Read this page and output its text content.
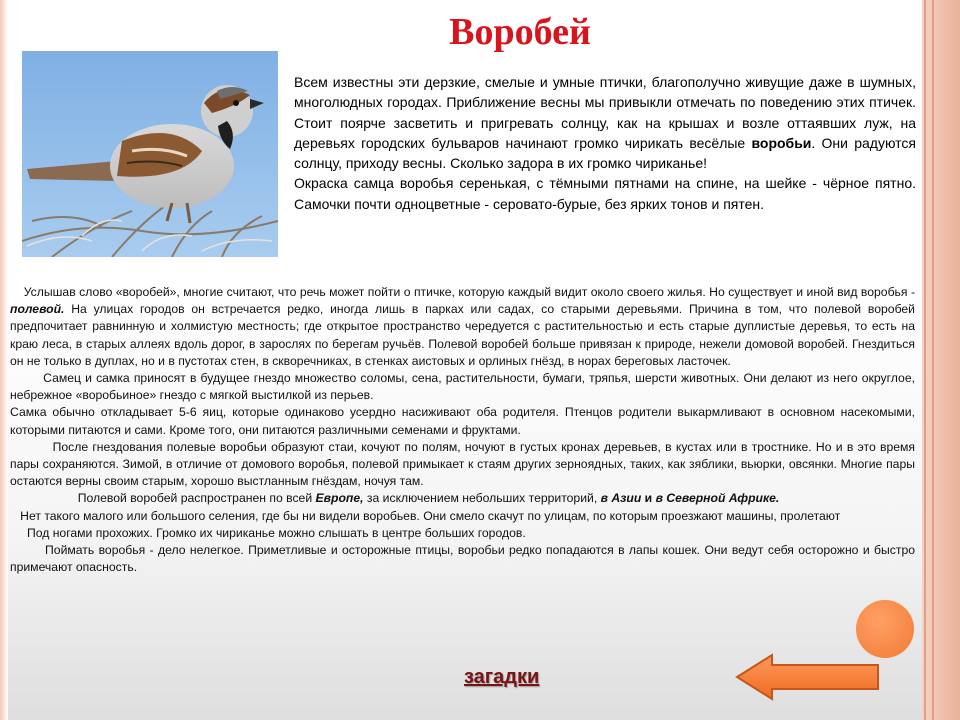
Воробей

Всем известны эти дерзкие, смелые и умные птички, благополучно живущие даже в шумных, многолюдных городах. Приближение весны мы привыкли отмечать по поведению этих птичек. Стоит поярче засветить и пригревать солнцу, как на крышах и возле оттаявших луж, на деревьях городских бульваров начинают громко чирикать весёлые воробьи. Они радуются солнцу, приходу весны. Сколько задора в их громко чириканье!

Окраска самца воробья серенькая, с тёмными пятнами на спине, на шейке - чёрное пятно. Самочки почти одноцветные - серовато-бурые, без ярких тонов и пятен.

Услышав слово «воробей», многие считают, что речь может пойти о птичке, которую каждый видит около своего жилья. Но существует и иной вид воробья - полевой. На улицах городов он встречается редко, иногда лишь в парках или садах, со старыми деревьями. Причина в том, что полевой воробей предпочитает равнинную и холмистую местность; где открытое пространство чередуется с растительностью и есть старые дуплистые деревья, то есть на краю леса, в старых аллеях вдоль дорог, в зарослях по берегам ручьёв. Полевой воробей больше привязан к природе, нежели домовой воробей. Гнездиться он не только в дуплах, но и в пустотах стен, в скворечниках, в стенках аистовых и орлиных гнёзд, в норах береговых ласточек.

Самец и самка приносят в будущее гнездо множество соломы, сена, растительности, бумаги, тряпья, шерсти животных. Они делают из него округлое, небрежное «воробьиное» гнездо с мягкой выстилкой из перьев.

Самка обычно откладывает 5-6 яиц, которые одинаково усердно насиживают оба родителя. Птенцов родители выкармливают в основном насекомыми, которыми питаются и сами. Кроме того, они питаются различными семенами и фруктами.

После гнездования полевые воробьи образуют стаи, кочуют по полям, ночуют в густых кронах деревьев, в кустах или в тростнике. Но и в это время пары сохраняются. Зимой, в отличие от домового воробья, полевой примыкает к стаям других зерноядных, таких, как зяблики, вьюрки, овсянки. Многие пары остаются верны своим старым, хорошо выстланным гнёздам, ночуя там.

Полевой воробей распространен по всей Европе, за исключением небольших территорий, в Азии и в Северной Африке.

Нет такого малого или большого селения, где бы ни видели воробьев. Они смело скачут по улицам, по которым проезжают машины, пролетают

Под ногами прохожих. Громко их чириканье можно слышать в центре больших городов.

Поймать воробья - дело нелегкое. Приметливые и осторожные птицы, воробьи редко попадаются в лапы кошек. Они ведут себя осторожно и быстро примечают опасность.

загадки
